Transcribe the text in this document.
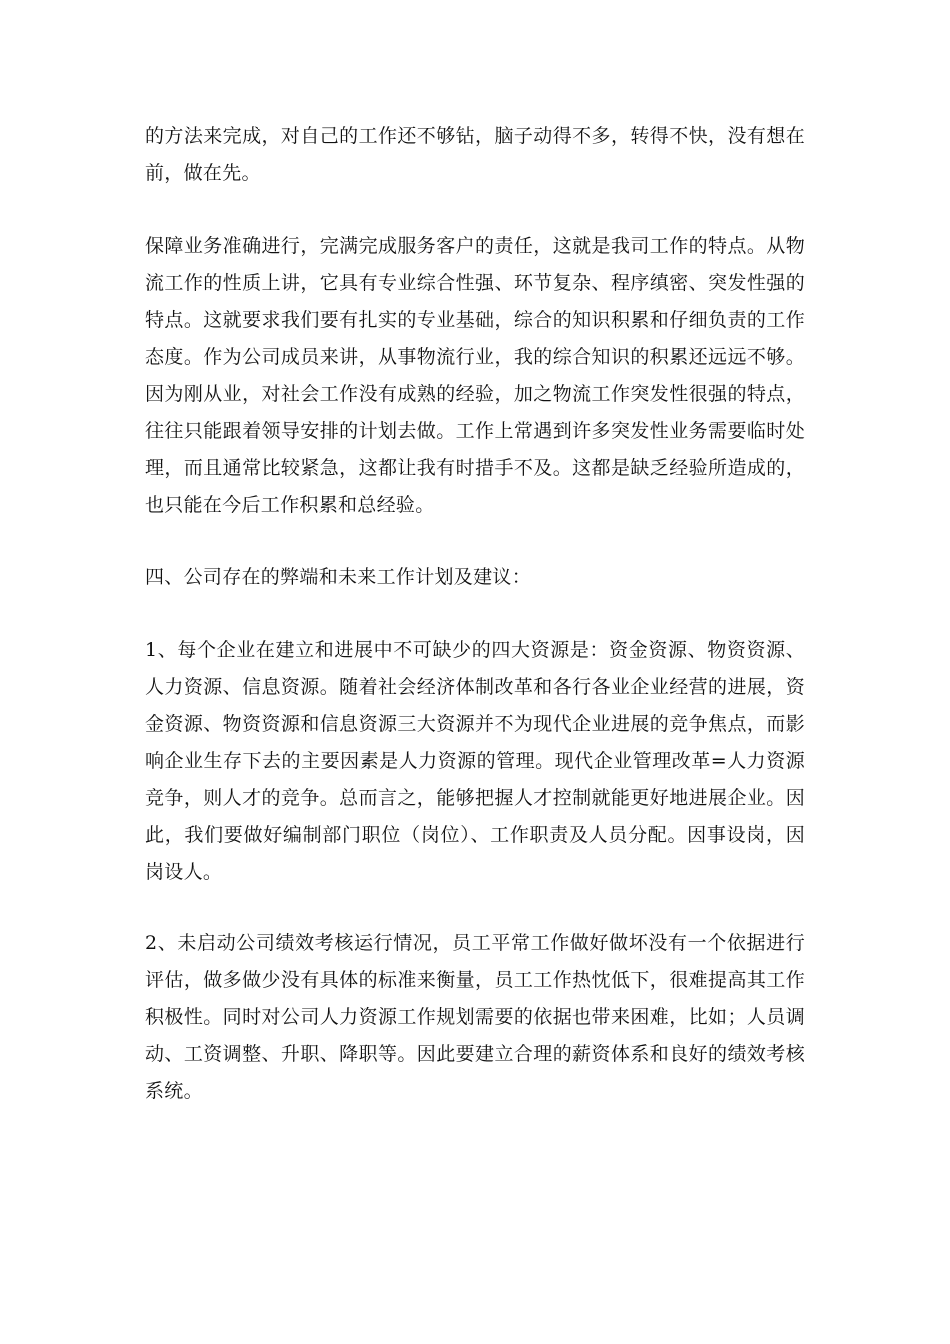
的方法来完成，对自己的工作还不够钻，脑子动得不多，转得不快，没有想在前，做在先。

保障业务准确进行，完满完成服务客户的责任，这就是我司工作的特点。从物流工作的性质上讲，它具有专业综合性强、环节复杂、程序缜密、突发性强的特点。这就要求我们要有扎实的专业基础，综合的知识积累和仔细负责的工作态度。作为公司成员来讲，从事物流行业，我的综合知识的积累还远远不够。因为刚从业，对社会工作没有成熟的经验，加之物流工作突发性很强的特点，往往只能跟着领导安排的计划去做。工作上常遇到许多突发性业务需要临时处理，而且通常比较紧急，这都让我有时措手不及。这都是缺乏经验所造成的，也只能在今后工作积累和总经验。

四、公司存在的弊端和未来工作计划及建议：

1、每个企业在建立和进展中不可缺少的四大资源是：资金资源、物资资源、人力资源、信息资源。随着社会经济体制改革和各行各业企业经营的进展，资金资源、物资资源和信息资源三大资源并不为现代企业进展的竞争焦点，而影响企业生存下去的主要因素是人力资源的管理。现代企业管理改革=人力资源竞争，则人才的竞争。总而言之，能够把握人才控制就能更好地进展企业。因此，我们要做好编制部门职位（岗位）、工作职责及人员分配。因事设岗，因岗设人。

2、未启动公司绩效考核运行情况，员工平常工作做好做坏没有一个依据进行评估，做多做少没有具体的标准来衡量，员工工作热忱低下，很难提高其工作积极性。同时对公司人力资源工作规划需要的依据也带来困难，比如；人员调动、工资调整、升职、降职等。因此要建立合理的薪资体系和良好的绩效考核系统。
